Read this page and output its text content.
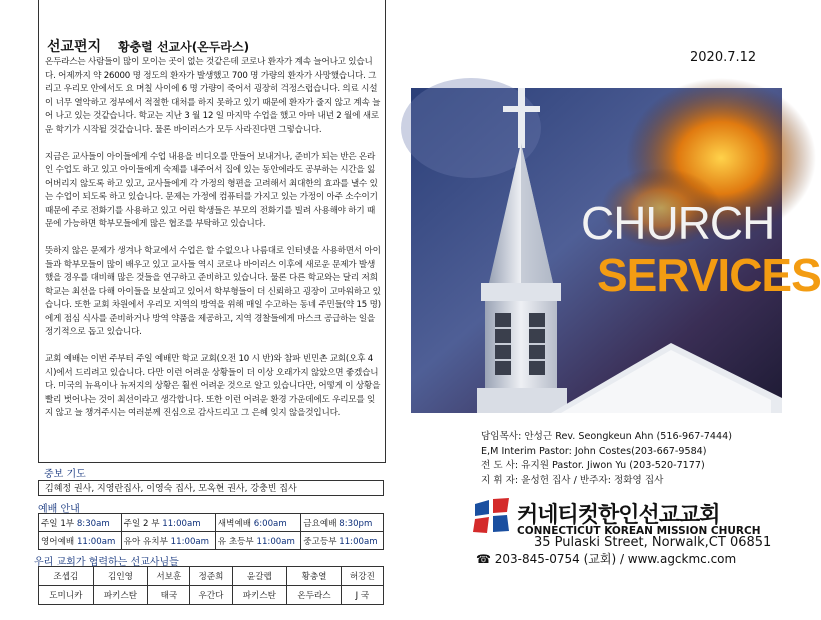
선교편지 황충렬 선교사(온두라스)

온두라스는 사람들이 많이 모이는 곳이 없는 것같은데 코로나 환자가 계속 늘어나고 있습니다. 어제까지 약 26000 명 정도의 환자가 발생했고 700 명 가량의 환자가 사망했습니다. 그리고 우리모 안에서도 요 며칠 사이에 6 명 가량이 죽어서 굉장히 걱정스럽습니다. 의료 시설이 너무 열악하고 정부에서 적절한 대처를 하지 못하고 있기 때문에 환자가 줄지 않고 계속 늘어 나고 있는 것같습니다. 학교는 지난 3 월 12 일 마지막 수업을 했고 아마 내년 2 월에 새로운 학기가 시작될 것같습니다. 물론 바이러스가 모두 사라진다면 그렇습니다.

지금은 교사들이 아이들에게 수업 내용을 비디오를 만들어 보내거나, 준비가 되는 반은 온라인 수업도 하고 있고 아이들에게 숙제를 내주어서 집에 있는 동안에라도 공부하는 시간을 잃어버리지 않도록 하고 있고, 교사들에게 각 가정의 형편을 고려해서 최대한의 효과를 낼수 있는 수업이 되도록 하고 있습니다. 문제는 가정에 컴퓨터를 가지고 있는 가정이 아주 소수이기 때문에 주로 전화기를 사용하고 있고 어린 학생들은 부모의 전화기를 빌려 사용해야 하기 때문에 가능하면 학부모들에게 많은 협조를 부탁하고 있습니다.

뜻하지 않은 문제가 생겨나 학교에서 수업은 할 수없으나 나름대로 인터넷을 사용하면서 아이들과 학부모들이 많이 배우고 있고 교사들 역시 코로나 바이러스 이후에 새로운 문제가 발생 했을 경우를 대비해 많은 것들을 연구하고 준비하고 있습니다. 물론 다른 학교와는 달리 저희 학교는 최선을 다해 아이들을 보살피고 있어서 학부형들이 더 신뢰하고 굉장이 고마워하고 있습니다. 또한 교회 차원에서 우리모 지역의 방역을 위해 매일 수고하는 동네 주민들(약 15 명)에게 점심 식사를 준비하거나 방역 약품을 제공하고, 지역 경찰들에게 마스크 공급하는 일을 정기적으로 돕고 있습니다.

교회 예배는 이번 주부터 주일 예배만 학교 교회(오전 10 시 반)와 참파 빈민촌 교회(오후 4 시)에서 드리려고 있습니다. 다만 이런 어려운 상황들이 더 이상 오래가지 않았으면 좋겠습니다. 미국의 뉴욕이나 뉴저지의 상황은 훨씬 어려운 것으로 알고 있습니다만, 어떻게 이 상황을 빨리 벗어나는 것이 최선이라고 생각합니다. 또한 이런 어려운 환경 가운데에도 우리모를 잊지 않고 늘 챙겨주시는 여러분께 진심으로 감사드리고 그 은혜 잊지 않을것입니다.

중보 기도
김혜정 권사, 지영란집사, 이영숙 집사, 모옥현 권사, 강충빈 집사
예배 안내
주일 1부 8:30am	주일 2 부 11:00am	새벽예배 6:00am	금요예배 8:30pm
영어예배 11:00am	유아 유치부 11:00am	유 초등부 11:00am	중고등부 11:00am
우리 교회가 협력하는 선교사님들
조셉김	김인영	서보훈	정준희	윤갈렙	황충열	허강진
도미니카	파키스탄	태국	우간다	파키스탄	온두라스	J 국
2020.7.12
CHURCH
SERVICES
담임목사: 안성근 Rev. Seongkeun Ahn (516-967-7444)
E,M Interim Pastor: John Costes(203-667-9584)
전 도 사: 유지원 Pastor. Jiwon Yu (203-520-7177)
지 휘 자: 윤성헌 집사 / 반주자: 정화영 집사
커네티컷한인선교교회
CONNECTICUT KOREAN MISSION CHURCH
35 Pulaski Street, Norwalk,CT 06851
☎ 203-845-0754 (교회) / www.agckmc.com
